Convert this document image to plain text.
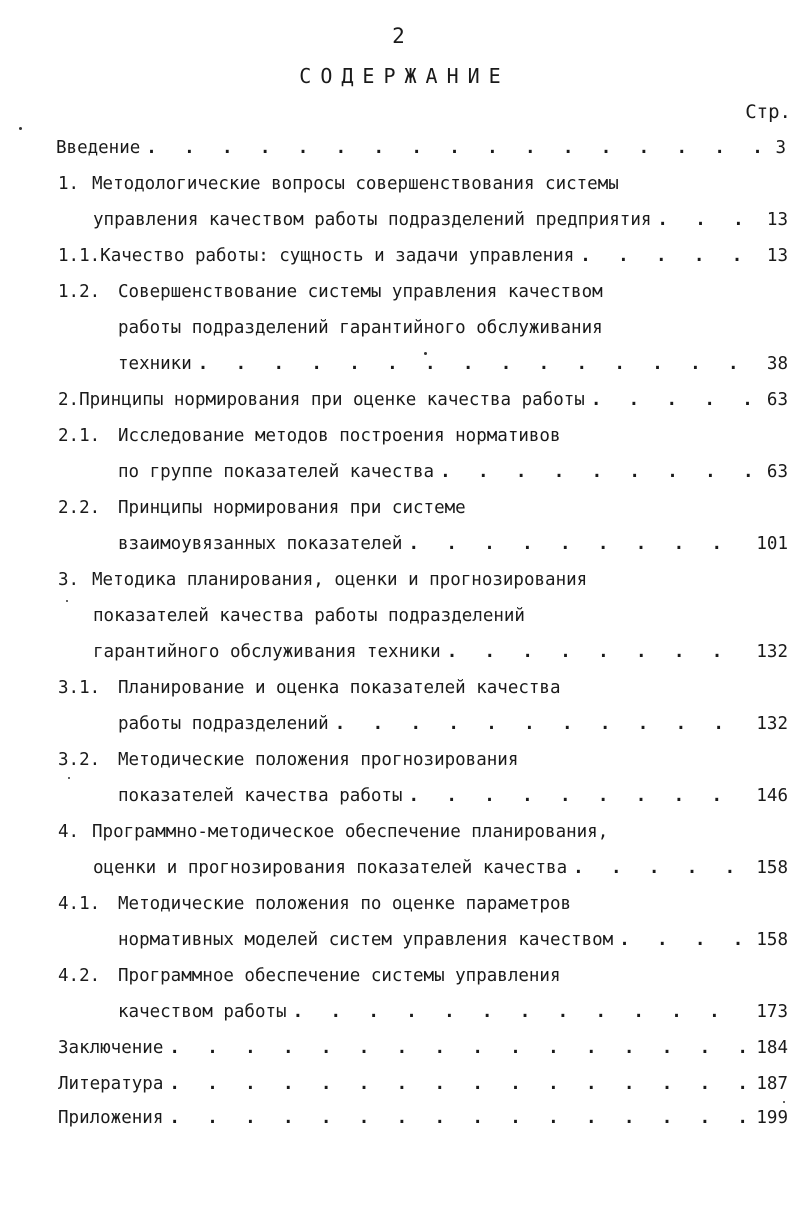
2
СОДЕРЖАНИЕ
Стр.
Введение . . .	3
1. Методологические вопросы совершенствования системы
управления качеством работы подразделений предприятия . . .	13
1.1. Качество работы: сущность и задачи управления . . .	13
1.2.	Совершенствование системы управления качеством
работы подразделений гарантийного обслуживания
техники . . .	38
2. Принципы нормирования при оценке качества работы . . .	63
2.1.	Исследование методов построения нормативов
по группе показателей качества . . .	63
2.2.	Принципы нормирования при системе
взаимоувязанных показателей . . .	101
3. Методика планирования, оценки и прогнозирования
показателей качества работы подразделений
гарантийного обслуживания техники . . .	132
3.1.	Планирование и оценка показателей качества
работы подразделений . . .	132
3.2.	Методические положения прогнозирования
показателей качества работы . . .	146
4. Программно-методическое обеспечение планирования,
оценки и прогнозирования показателей качества . . .	158
4.1.	Методические положения по оценке параметров
нормативных моделей систем управления качеством . . .	158
4.2.	Программное обеспечение системы управления
качеством работы . . .	173
Заключение . . .	184
Литература . . .	187
Приложения . . .	199
